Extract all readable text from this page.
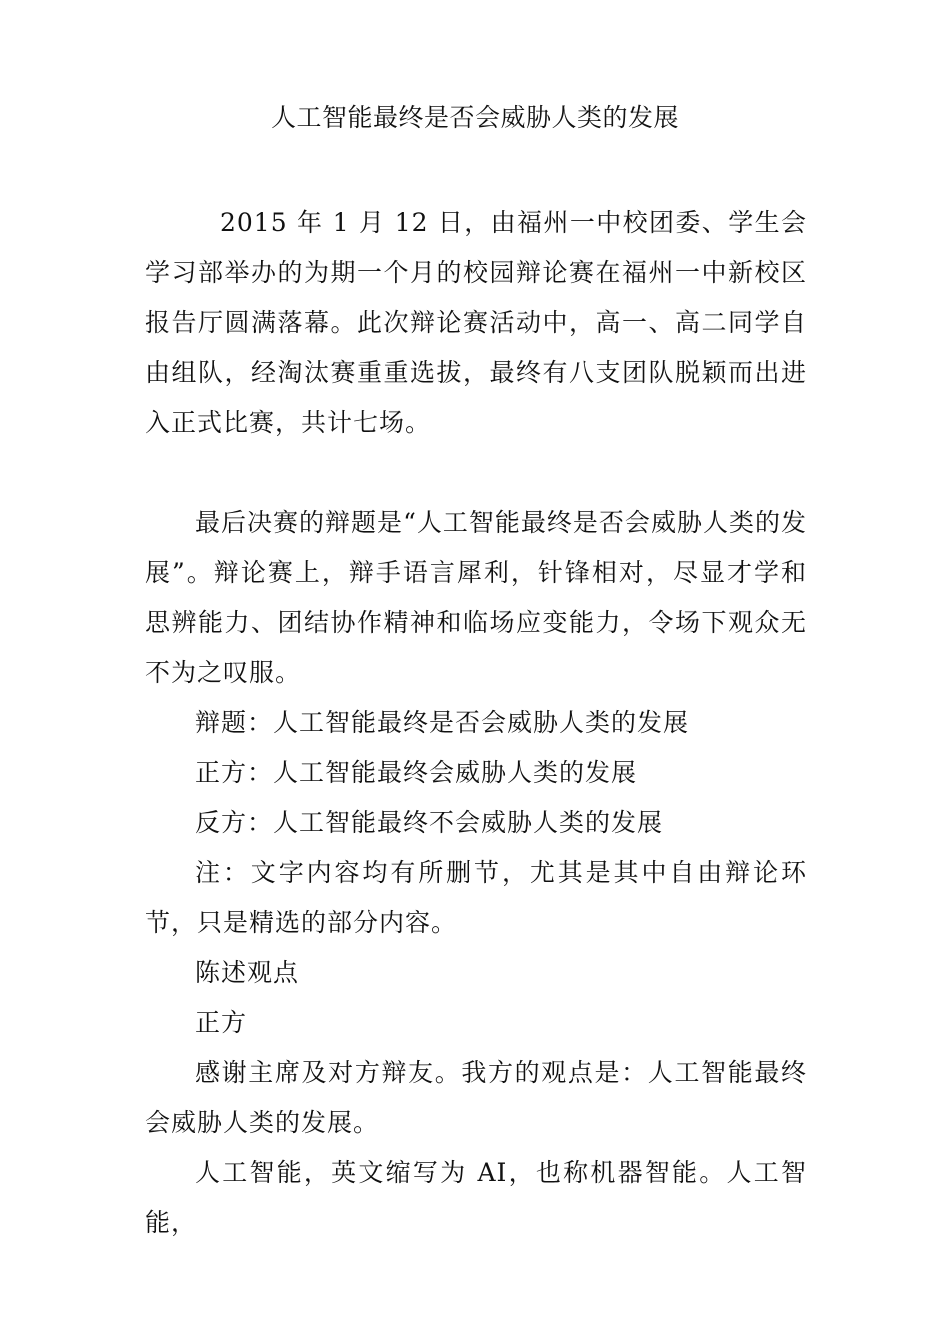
人工智能最终是否会威胁人类的发展

2015 年 1 月 12 日，由福州一中校团委、学生会学习部举办的为期一个月的校园辩论赛在福州一中新校区报告厅圆满落幕。此次辩论赛活动中，高一、高二同学自由组队，经淘汰赛重重选拔，最终有八支团队脱颖而出进入正式比赛，共计七场。

最后决赛的辩题是“人工智能最终是否会威胁人类的发展”。辩论赛上，辩手语言犀利，针锋相对，尽显才学和思辨能力、团结协作精神和临场应变能力，令场下观众无不为之叹服。

辩题：人工智能最终是否会威胁人类的发展

正方：人工智能最终会威胁人类的发展

反方：人工智能最终不会威胁人类的发展

注：文字内容均有所删节，尤其是其中自由辩论环节，只是精选的部分内容。

陈述观点

正方

感谢主席及对方辩友。我方的观点是：人工智能最终会威胁人类的发展。

人工智能，英文缩写为 AI，也称机器智能。人工智能，
